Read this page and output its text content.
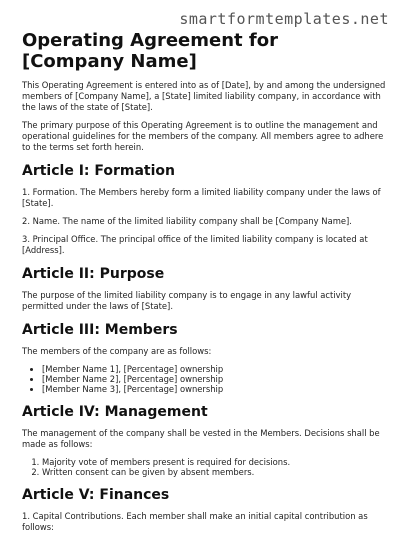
smartformtemplates.net
Operating Agreement for [Company Name]

This Operating Agreement is entered into as of [Date], by and among the undersigned members of [Company Name], a [State] limited liability company, in accordance with the laws of the state of [State].

The primary purpose of this Operating Agreement is to outline the management and operational guidelines for the members of the company. All members agree to adhere to the terms set forth herein.

Article I: Formation

1. Formation. The Members hereby form a limited liability company under the laws of [State].

2. Name. The name of the limited liability company shall be [Company Name].

3. Principal Office. The principal office of the limited liability company is located at [Address].

Article II: Purpose

The purpose of the limited liability company is to engage in any lawful activity permitted under the laws of [State].

Article III: Members

The members of the company are as follows:

• [Member Name 1], [Percentage] ownership
• [Member Name 2], [Percentage] ownership
• [Member Name 3], [Percentage] ownership
Article IV: Management

The management of the company shall be vested in the Members. Decisions shall be made as follows:

1. Majority vote of members present is required for decisions.
2. Written consent can be given by absent members.
Article V: Finances

1. Capital Contributions. Each member shall make an initial capital contribution as follows:
